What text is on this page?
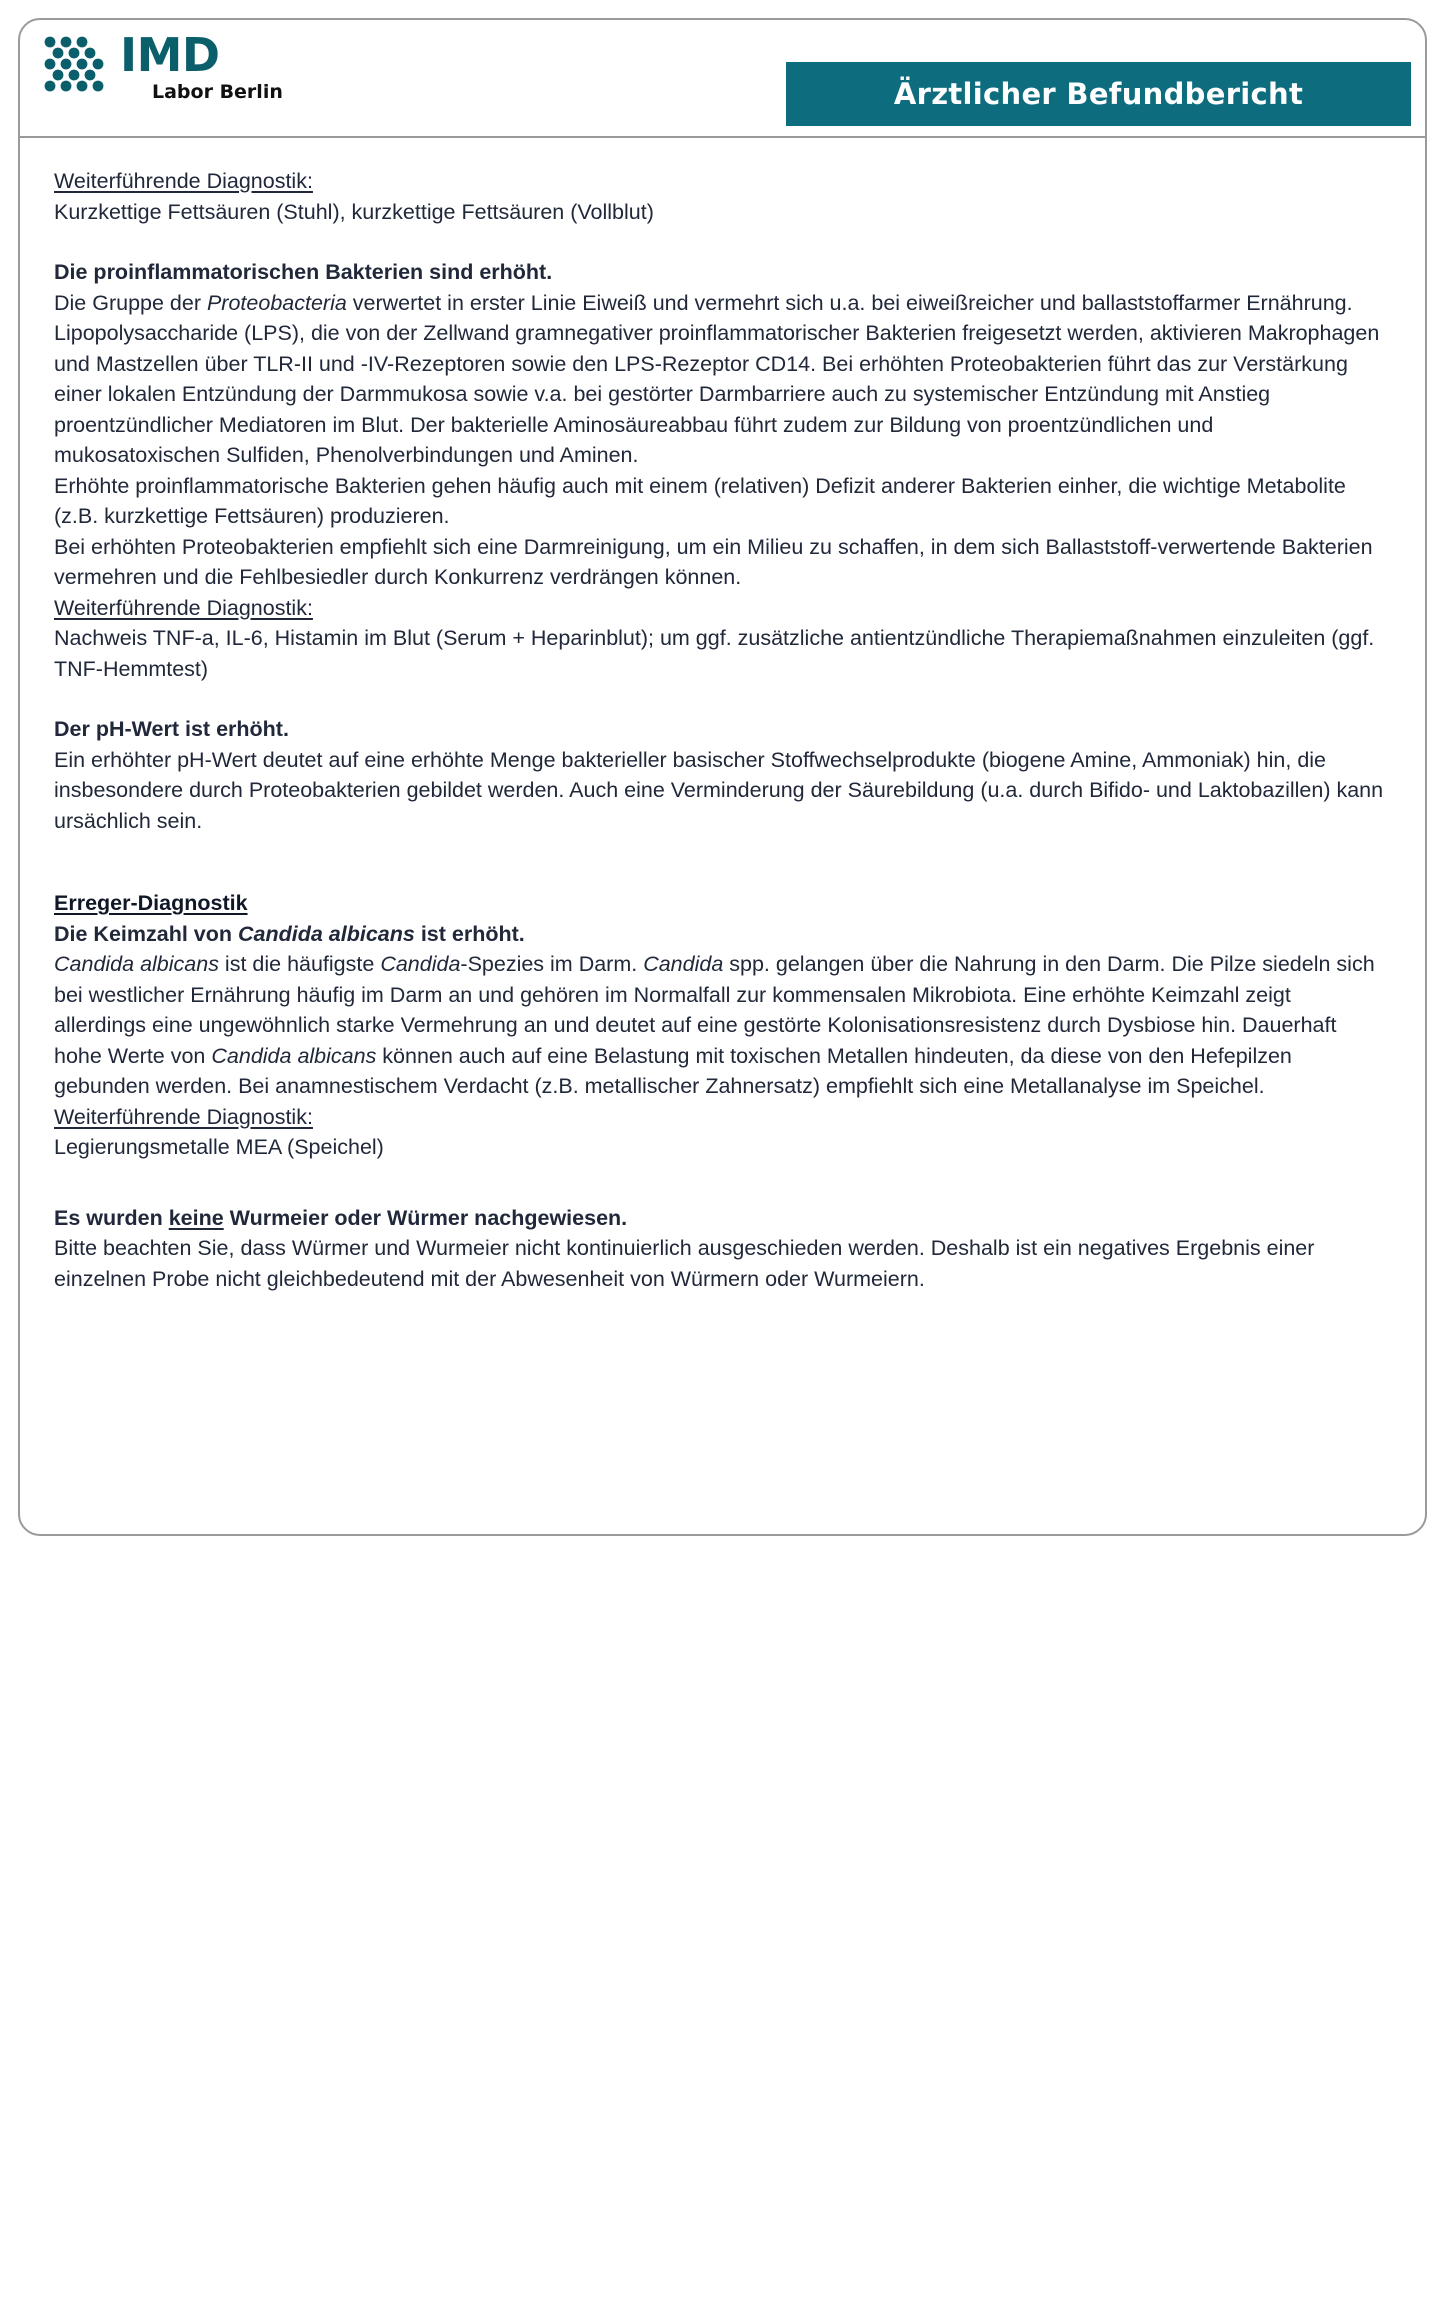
IMD
Labor Berlin	Ärztlicher Befundbericht

Weiterführende Diagnostik:

Kurzkettige Fettsäuren (Stuhl), kurzkettige Fettsäuren (Vollblut)

Die proinflammatorischen Bakterien sind erhöht.

Die Gruppe der Proteobacteria verwertet in erster Linie Eiweiß und vermehrt sich u.a. bei eiweißreicher und ballaststoffarmer Ernährung.

Lipopolysaccharide (LPS), die von der Zellwand gramnegativer proinflammatorischer Bakterien freigesetzt werden, aktivieren Makrophagen und Mastzellen über TLR-II und -IV-Rezeptoren sowie den LPS-Rezeptor CD14. Bei erhöhten Proteobakterien führt das zur Verstärkung einer lokalen Entzündung der Darmmukosa sowie v.a. bei gestörter Darmbarriere auch zu systemischer Entzündung mit Anstieg proentzündlicher Mediatoren im Blut. Der bakterielle Aminosäureabbau führt zudem zur Bildung von proentzündlichen und mukosatoxischen Sulfiden, Phenolverbindungen und Aminen.

Erhöhte proinflammatorische Bakterien gehen häufig auch mit einem (relativen) Defizit anderer Bakterien einher, die wichtige Metabolite (z.B. kurzkettige Fettsäuren) produzieren.

Bei erhöhten Proteobakterien empfiehlt sich eine Darmreinigung, um ein Milieu zu schaffen, in dem sich Ballaststoff-verwertende Bakterien vermehren und die Fehlbesiedler durch Konkurrenz verdrängen können.

Weiterführende Diagnostik:

Nachweis TNF-a, IL-6, Histamin im Blut (Serum + Heparinblut); um ggf. zusätzliche antientzündliche Therapiemaßnahmen einzuleiten (ggf. TNF-Hemmtest)

Der pH-Wert ist erhöht.

Ein erhöhter pH-Wert deutet auf eine erhöhte Menge bakterieller basischer Stoffwechselprodukte (biogene Amine, Ammoniak) hin, die insbesondere durch Proteobakterien gebildet werden. Auch eine Verminderung der Säurebildung (u.a. durch Bifido- und Laktobazillen) kann ursächlich sein.

Erreger-Diagnostik

Die Keimzahl von Candida albicans ist erhöht.

Candida albicans ist die häufigste Candida-Spezies im Darm. Candida spp. gelangen über die Nahrung in den Darm. Die Pilze siedeln sich bei westlicher Ernährung häufig im Darm an und gehören im Normalfall zur kommensalen Mikrobiota. Eine erhöhte Keimzahl zeigt allerdings eine ungewöhnlich starke Vermehrung an und deutet auf eine gestörte Kolonisationsresistenz durch Dysbiose hin. Dauerhaft hohe Werte von Candida albicans können auch auf eine Belastung mit toxischen Metallen hindeuten, da diese von den Hefepilzen gebunden werden. Bei anamnestischem Verdacht (z.B. metallischer Zahnersatz) empfiehlt sich eine Metallanalyse im Speichel.

Weiterführende Diagnostik:

Legierungsmetalle MEA (Speichel)

Es wurden keine Wurmeier oder Würmer nachgewiesen.

Bitte beachten Sie, dass Würmer und Wurmeier nicht kontinuierlich ausgeschieden werden. Deshalb ist ein negatives Ergebnis einer einzelnen Probe nicht gleichbedeutend mit der Abwesenheit von Würmern oder Wurmeiern.
